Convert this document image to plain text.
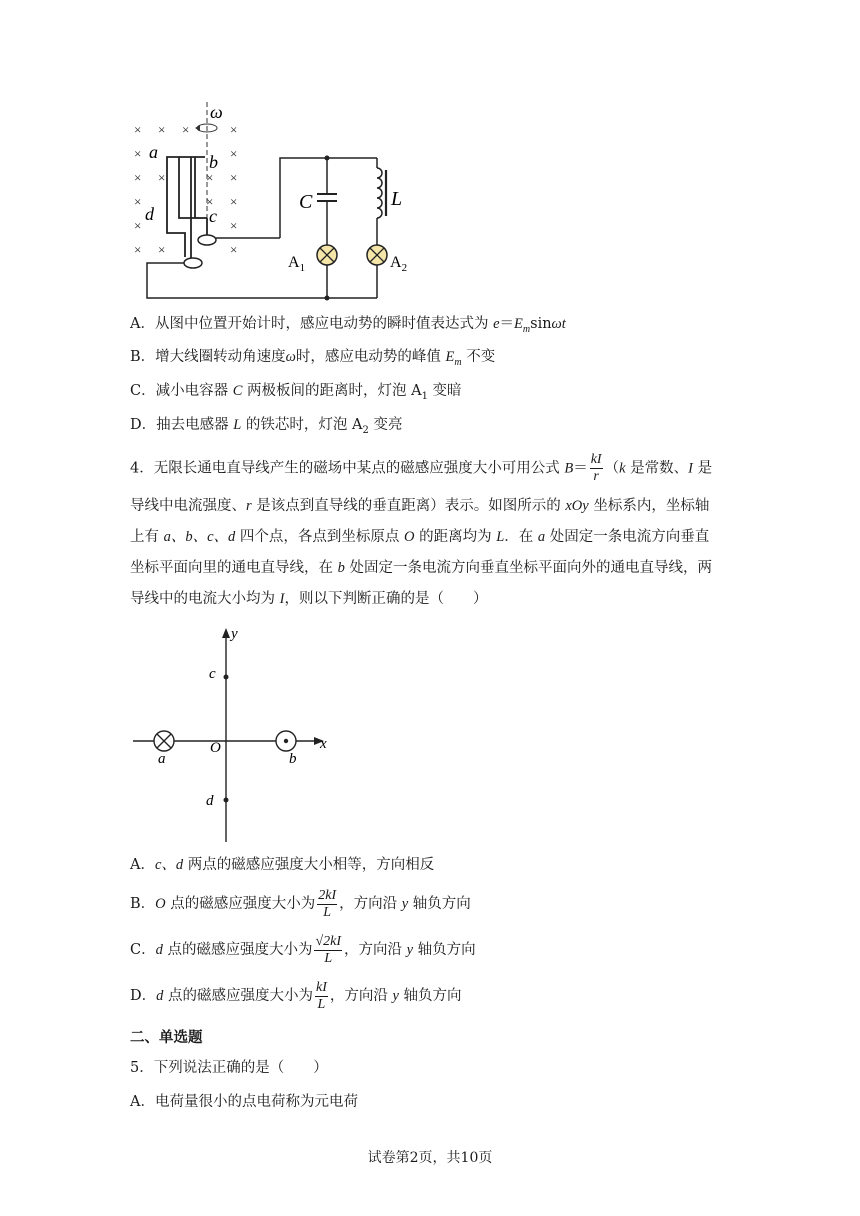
× × ×	×
×	×
× ×	× ×
×	× ×
×	×
× ×	×
ω
a	b
c
d
C	L
$A_1$	$A_2$
A．从图中位置开始计时，感应电动势的瞬时值表达式为 $e=E_m\sin\omega t$
B．增大线圈转动角速度ω时，感应电动势的峰值 $E_m$ 不变
C．减小电容器 C 两极板间的距离时，灯泡 $A_1$ 变暗
D．抽去电感器 L 的铁芯时，灯泡 $A_2$ 变亮
4．无限长通电直导线产生的磁场中某点的磁感应强度大小可用公式 $B= \frac{kI}{r} (k$ 是常数、I 是
导线中电流强度、r 是该点到直导线的垂直距离）表示。如图所示的 xOy 坐标系内，坐标轴
上有 a、b、c、d 四个点，各点到坐标原点 O 的距离均为 L．在 a 处固定一条电流方向垂直
坐标平面向里的通电直导线，在 b 处固定一条电流方向垂直坐标平面向外的通电直导线，两
导线中的电流大小均为 I，则以下判断正确的是（　　）
y
x
O
a	b
c
d
A．c、d 两点的磁感应强度大小相等，方向相反
B．O 点的磁感应强度大小为 $\frac{2kI}{L}$ ，方向沿 y 轴负方向
C．d 点的磁感应强度大小为 $\frac{√2kI}{L}$ ，方向沿 y 轴负方向
D．d 点的磁感应强度大小为 $\frac{kI}{L}$ ，方向沿 y 轴负方向
二、单选题
5．下列说法正确的是（　　）
A．电荷量很小的点电荷称为元电荷
试卷第2页，共10页
